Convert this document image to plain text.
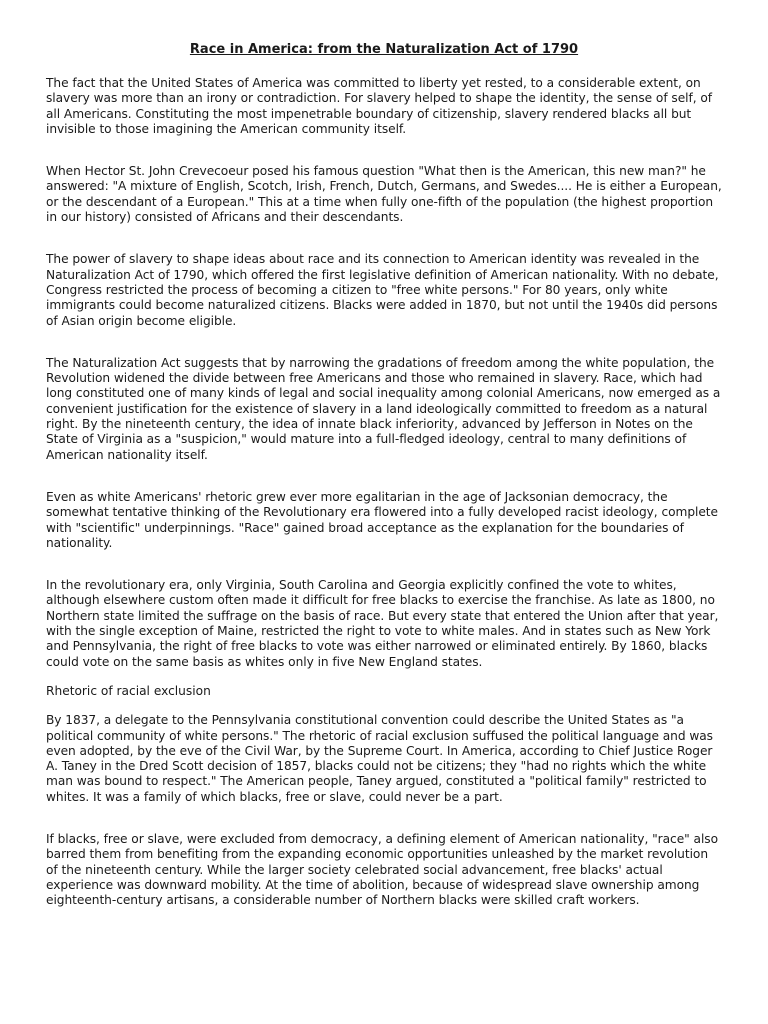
Race in America: from the Naturalization Act of 1790

The fact that the United States of America was committed to liberty yet rested, to a considerable extent, on slavery was more than an irony or contradiction. For slavery helped to shape the identity, the sense of self, of all Americans. Constituting the most impenetrable boundary of citizenship, slavery rendered blacks all but invisible to those imagining the American community itself.

When Hector St. John Crevecoeur posed his famous question "What then is the American, this new man?" he answered: "A mixture of English, Scotch, Irish, French, Dutch, Germans, and Swedes.... He is either a European, or the descendant of a European." This at a time when fully one-fifth of the population (the highest proportion in our history) consisted of Africans and their descendants.

The power of slavery to shape ideas about race and its connection to American identity was revealed in the Naturalization Act of 1790, which offered the first legislative definition of American nationality. With no debate, Congress restricted the process of becoming a citizen to "free white persons." For 80 years, only white immigrants could become naturalized citizens. Blacks were added in 1870, but not until the 1940s did persons of Asian origin become eligible.

The Naturalization Act suggests that by narrowing the gradations of freedom among the white population, the Revolution widened the divide between free Americans and those who remained in slavery. Race, which had long constituted one of many kinds of legal and social inequality among colonial Americans, now emerged as a convenient justification for the existence of slavery in a land ideologically committed to freedom as a natural right. By the nineteenth century, the idea of innate black inferiority, advanced by Jefferson in Notes on the State of Virginia as a "suspicion," would mature into a full-fledged ideology, central to many definitions of American nationality itself.

Even as white Americans' rhetoric grew ever more egalitarian in the age of Jacksonian democracy, the somewhat tentative thinking of the Revolutionary era flowered into a fully developed racist ideology, complete with "scientific" underpinnings. "Race" gained broad acceptance as the explanation for the boundaries of nationality.

In the revolutionary era, only Virginia, South Carolina and Georgia explicitly confined the vote to whites, although elsewhere custom often made it difficult for free blacks to exercise the franchise. As late as 1800, no Northern state limited the suffrage on the basis of race. But every state that entered the Union after that year, with the single exception of Maine, restricted the right to vote to white males. And in states such as New York and Pennsylvania, the right of free blacks to vote was either narrowed or eliminated entirely. By 1860, blacks could vote on the same basis as whites only in five New England states.

Rhetoric of racial exclusion

By 1837, a delegate to the Pennsylvania constitutional convention could describe the United States as "a political community of white persons." The rhetoric of racial exclusion suffused the political language and was even adopted, by the eve of the Civil War, by the Supreme Court. In America, according to Chief Justice Roger A. Taney in the Dred Scott decision of 1857, blacks could not be citizens; they "had no rights which the white man was bound to respect." The American people, Taney argued, constituted a "political family" restricted to whites. It was a family of which blacks, free or slave, could never be a part.

If blacks, free or slave, were excluded from democracy, a defining element of American nationality, "race" also barred them from benefiting from the expanding economic opportunities unleashed by the market revolution of the nineteenth century. While the larger society celebrated social advancement, free blacks' actual experience was downward mobility. At the time of abolition, because of widespread slave ownership among eighteenth-century artisans, a considerable number of Northern blacks were skilled craft workers.
